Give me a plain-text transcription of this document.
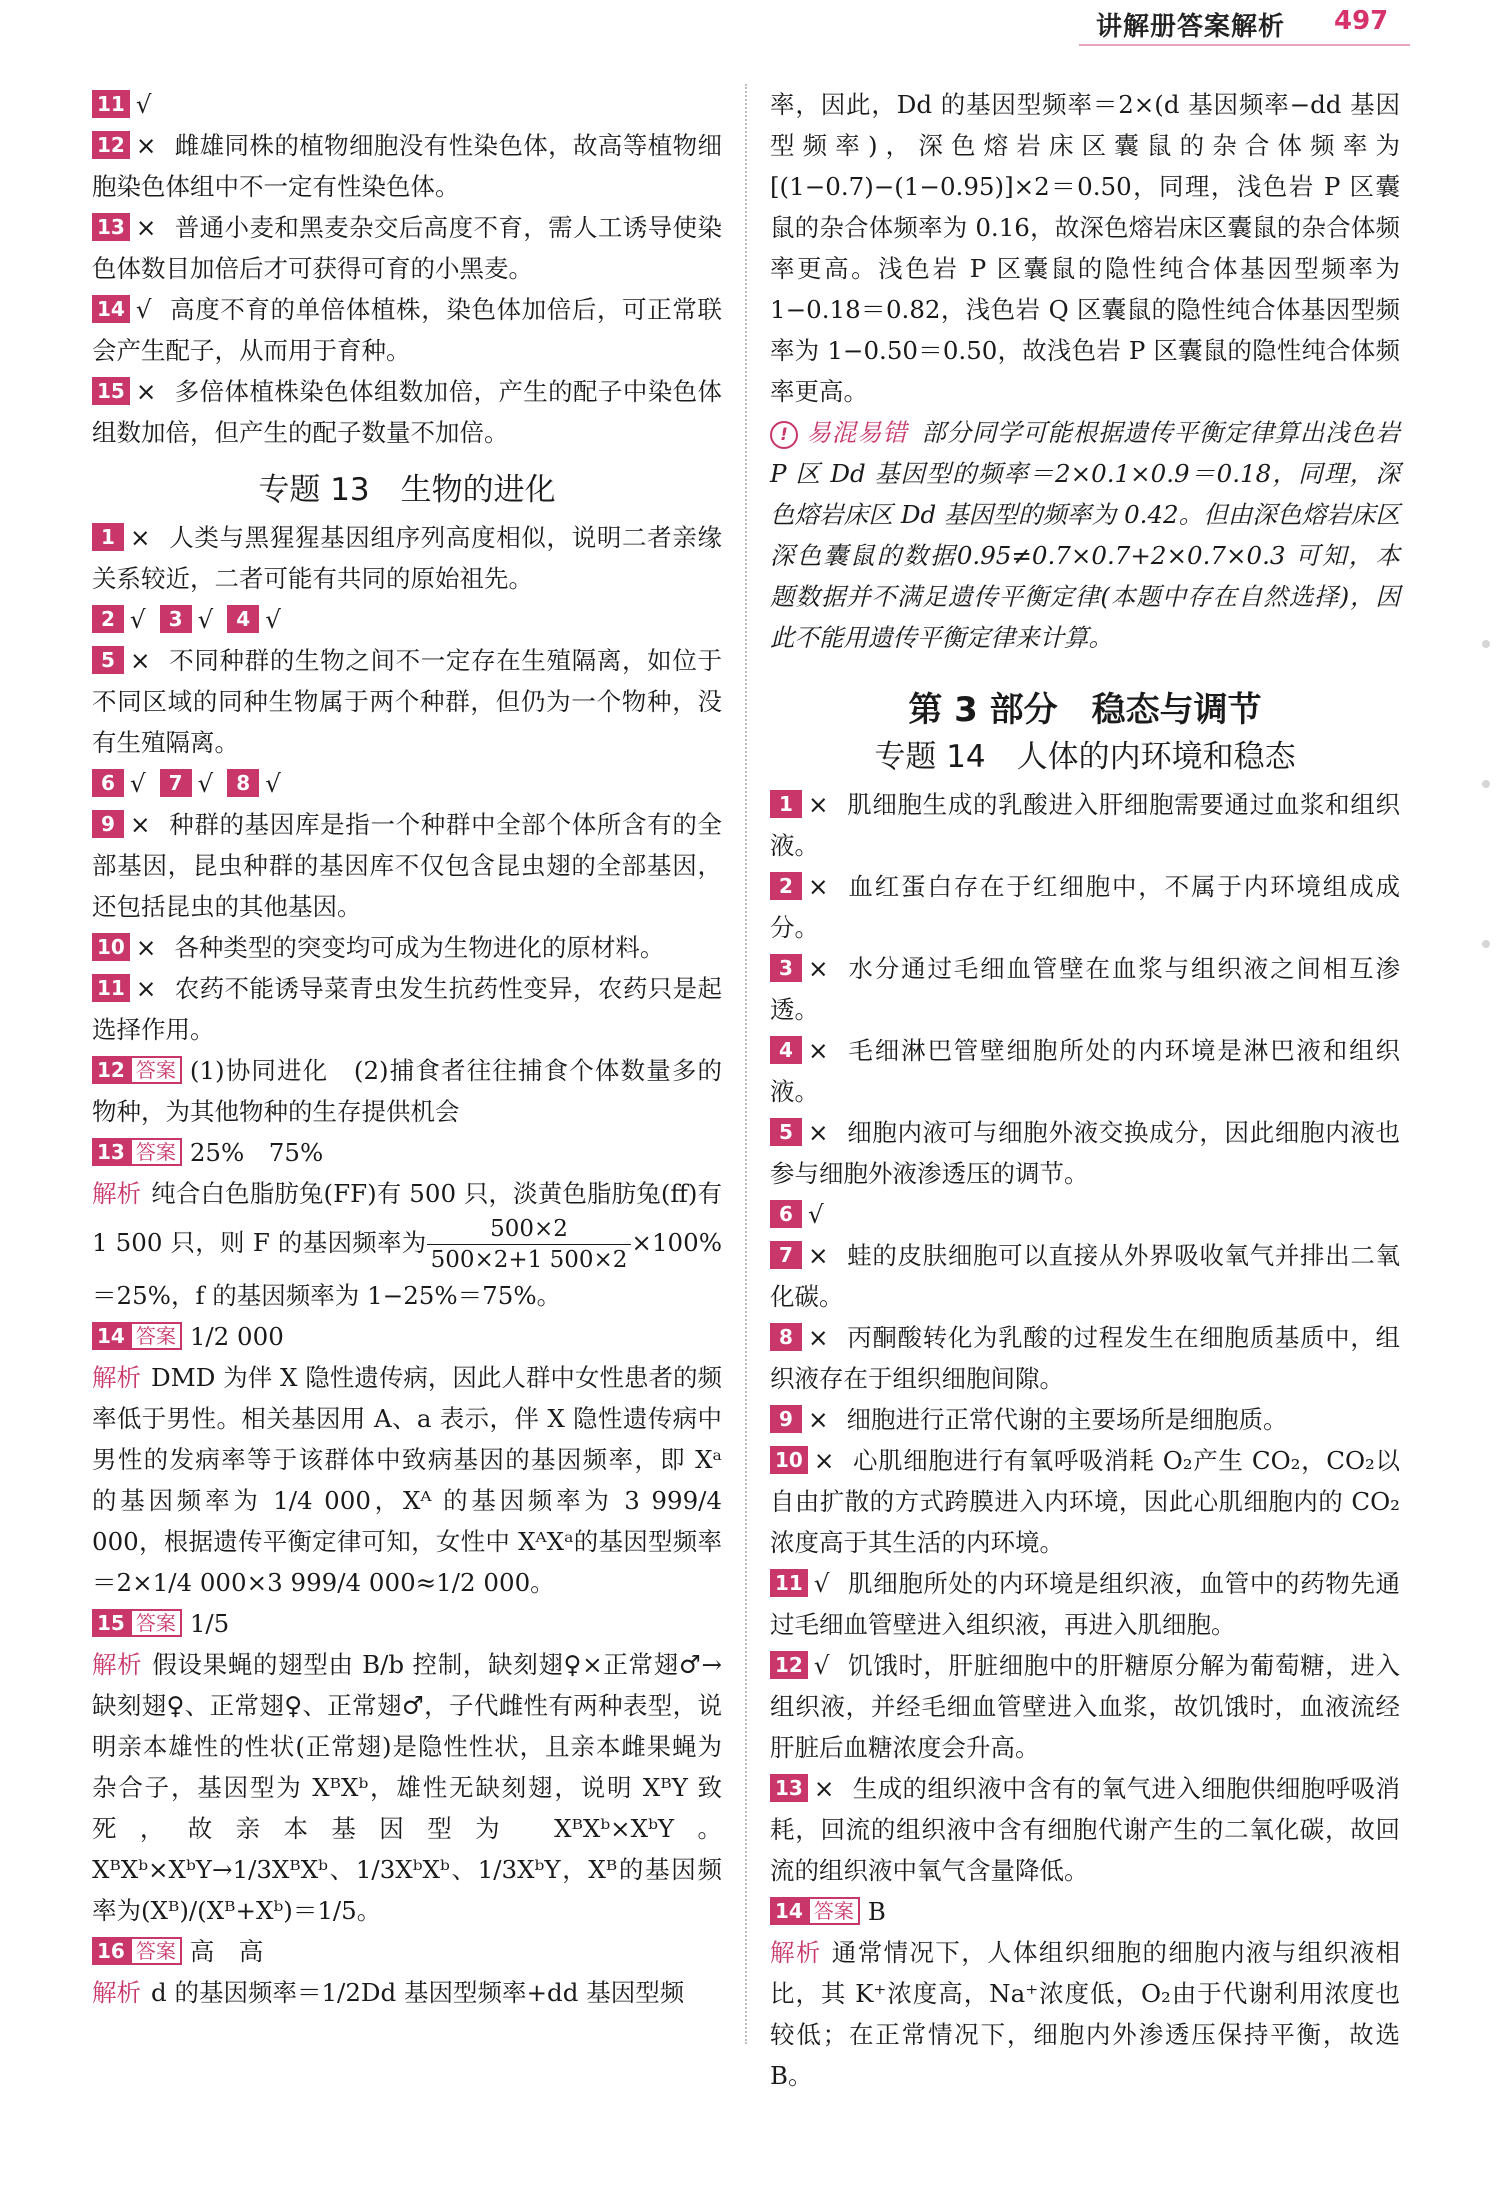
讲解册答案解析 497

11 √

12 × 雌雄同株的植物细胞没有性染色体，故高等植物细胞染色体组中不一定有性染色体。

13 × 普通小麦和黑麦杂交后高度不育，需人工诱导使染色体数目加倍后才可获得可育的小黑麦。

14 √ 高度不育的单倍体植株，染色体加倍后，可正常联会产生配子，从而用于育种。

15 × 多倍体植株染色体组数加倍，产生的配子中染色体组数加倍，但产生的配子数量不加倍。

专题 13　生物的进化

1 × 人类与黑猩猩基因组序列高度相似，说明二者亲缘关系较近，二者可能有共同的原始祖先。

2 √ 3 √ 4 √

5 × 不同种群的生物之间不一定存在生殖隔离，如位于不同区域的同种生物属于两个种群，但仍为一个物种，没有生殖隔离。

6 √ 7 √ 8 √

9 × 种群的基因库是指一个种群中全部个体所含有的全部基因，昆虫种群的基因库不仅包含昆虫翅的全部基因，还包括昆虫的其他基因。

10 × 各种类型的突变均可成为生物进化的原材料。

11 × 农药不能诱导菜青虫发生抗药性变异，农药只是起选择作用。

12 答案 (1)协同进化　(2)捕食者往往捕食个体数量多的物种，为其他物种的生存提供机会

13 答案 25%　75%

解析 纯合白色脂肪兔(FF)有 500 只，淡黄色脂肪兔(ff)有 1 500 只，则 F 的基因频率为 $\frac{500\times 2}{500\times 2+1 500\times 2} \times 100\%=25\%$，f 的基因频率为 1−25%＝75%。

14 答案 1/2 000

解析 DMD 为伴 X 隐性遗传病，因此人群中女性患者的频率低于男性。相关基因用 A、a 表示，伴 X 隐性遗传病中男性的发病率等于该群体中致病基因的基因频率，即 Xᵃ 的基因频率为 1/4 000，Xᴬ 的基因频率为 3 999/4 000，根据遗传平衡定律可知，女性中 XᴬXᵃ的基因型频率＝2×1/4 000×3 999/4 000≈1/2 000。

15 答案 1/5

解析 假设果蝇的翅型由 B/b 控制，缺刻翅♀×正常翅♂→缺刻翅♀、正常翅♀、正常翅♂，子代雌性有两种表型，说明亲本雄性的性状(正常翅)是隐性性状，且亲本雌果蝇为杂合子，基因型为 XᴮXᵇ，雄性无缺刻翅，说明 XᴮY 致死，故亲本基因型为 XᴮXᵇ×XᵇY。XᴮXᵇ×XᵇY→1/3XᴮXᵇ、1/3XᵇXᵇ、1/3XᵇY，Xᴮ的基因频率为(Xᴮ)/(Xᴮ+Xᵇ)＝1/5。

16 答案 高　高

解析 d 的基因频率＝1/2Dd 基因型频率+dd 基因型频

率，因此，Dd 的基因型频率＝2×(d 基因频率−dd 基因型频率)，深色熔岩床区囊鼠的杂合体频率为[(1−0.7)−(1−0.95)]×2＝0.50，同理，浅色岩 P 区囊鼠的杂合体频率为 0.16，故深色熔岩床区囊鼠的杂合体频率更高。浅色岩 P 区囊鼠的隐性纯合体基因型频率为 1−0.18＝0.82，浅色岩 Q 区囊鼠的隐性纯合体基因型频率为 1−0.50＝0.50，故浅色岩 P 区囊鼠的隐性纯合体频率更高。

! 易混易错 部分同学可能根据遗传平衡定律算出浅色岩 P 区 Dd 基因型的频率＝2×0.1×0.9＝0.18，同理，深色熔岩床区 Dd 基因型的频率为 0.42。但由深色熔岩床区深色囊鼠的数据0.95≠0.7×0.7+2×0.7×0.3 可知，本题数据并不满足遗传平衡定律(本题中存在自然选择)，因此不能用遗传平衡定律来计算。

第 3 部分　稳态与调节
专题 14　人体的内环境和稳态

1 × 肌细胞生成的乳酸进入肝细胞需要通过血浆和组织液。

2 × 血红蛋白存在于红细胞中，不属于内环境组成成分。

3 × 水分通过毛细血管壁在血浆与组织液之间相互渗透。

4 × 毛细淋巴管壁细胞所处的内环境是淋巴液和组织液。

5 × 细胞内液可与细胞外液交换成分，因此细胞内液也参与细胞外液渗透压的调节。

6 √

7 × 蛙的皮肤细胞可以直接从外界吸收氧气并排出二氧化碳。

8 × 丙酮酸转化为乳酸的过程发生在细胞质基质中，组织液存在于组织细胞间隙。

9 × 细胞进行正常代谢的主要场所是细胞质。

10 × 心肌细胞进行有氧呼吸消耗 O₂产生 CO₂，CO₂以自由扩散的方式跨膜进入内环境，因此心肌细胞内的 CO₂浓度高于其生活的内环境。

11 √ 肌细胞所处的内环境是组织液，血管中的药物先通过毛细血管壁进入组织液，再进入肌细胞。

12 √ 饥饿时，肝脏细胞中的肝糖原分解为葡萄糖，进入组织液，并经毛细血管壁进入血浆，故饥饿时，血液流经肝脏后血糖浓度会升高。

13 × 生成的组织液中含有的氧气进入细胞供细胞呼吸消耗，回流的组织液中含有细胞代谢产生的二氧化碳，故回流的组织液中氧气含量降低。

14 答案 B

解析 通常情况下，人体组织细胞的细胞内液与组织液相比，其 K⁺浓度高，Na⁺浓度低，O₂由于代谢利用浓度也较低；在正常情况下，细胞内外渗透压保持平衡，故选 B。
